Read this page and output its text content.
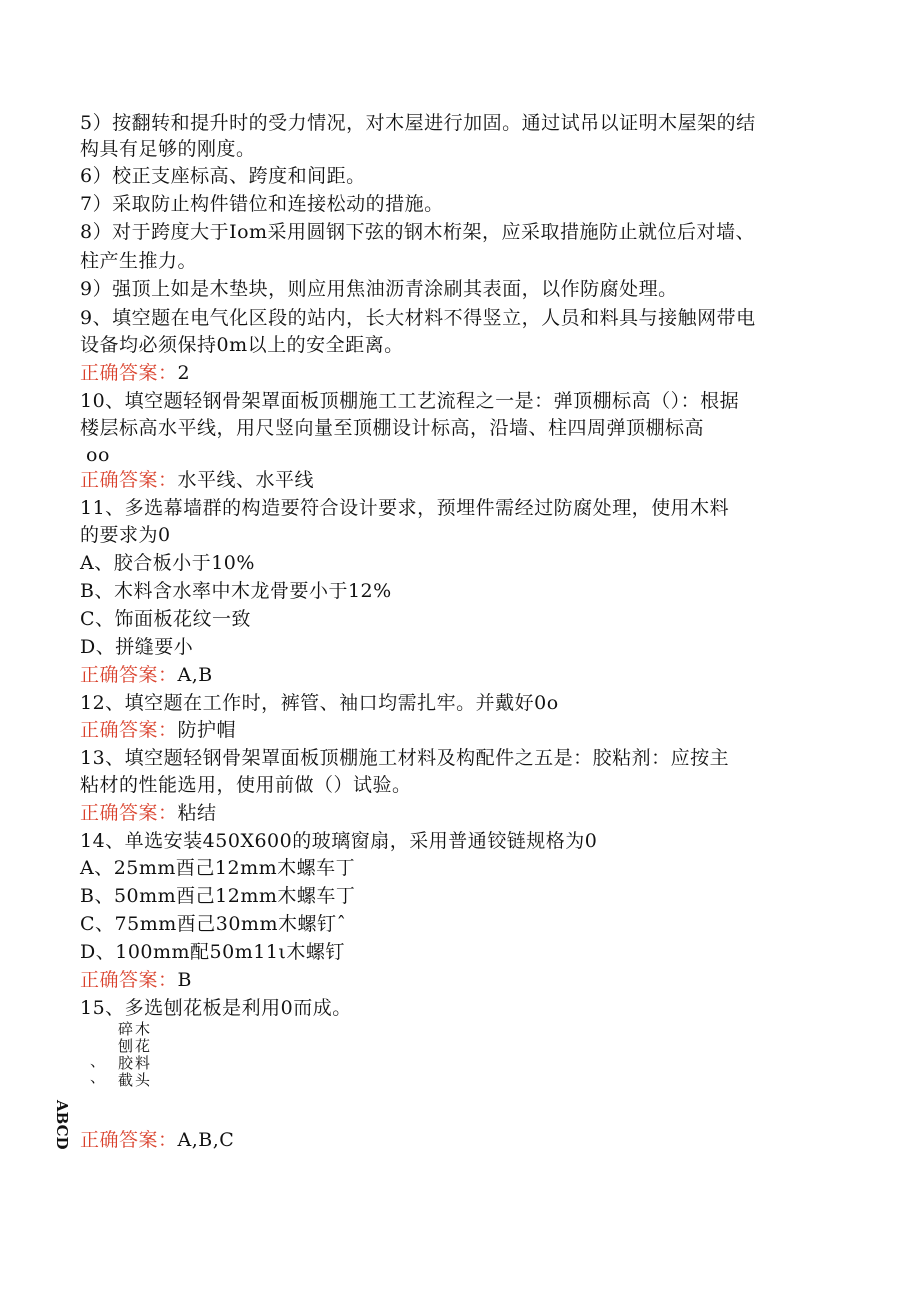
5）按翻转和提升时的受力情况，对木屋进行加固。通过试吊以证明木屋架的结
构具有足够的刚度。
6）校正支座标高、跨度和间距。
7）采取防止构件错位和连接松动的措施。
8）对于跨度大于Iom采用圆钢下弦的钢木桁架，应采取措施防止就位后对墙、
柱产生推力。
9）强顶上如是木垫块，则应用焦油沥青涂刷其表面，以作防腐处理。
9、填空题在电气化区段的站内，长大材料不得竖立，人员和料具与接触网带电
设备均必须保持0m以上的安全距离。
正确答案：2
10、填空题轻钢骨架罩面板顶棚施工工艺流程之一是：弹顶棚标高（）：根据
楼层标高水平线，用尺竖向量至顶棚设计标高，沿墙、柱四周弹顶棚标高
oo
正确答案：水平线、水平线
11、多选幕墙群的构造要符合设计要求，预埋件需经过防腐处理，使用木料
的要求为0
A、胶合板小于10%
B、木料含水率中木龙骨要小于12%
C、饰面板花纹一致
D、拼缝要小
正确答案：A,B
12、填空题在工作时，裤管、袖口均需扎牢。并戴好0o
正确答案：防护帽
13、填空题轻钢骨架罩面板顶棚施工材料及构配件之五是：胶粘剂：应按主
粘材的性能选用，使用前做（）试验。
正确答案：粘结
14、单选安装450X600的玻璃窗扇，采用普通铰链规格为0
A、25mm酉己12mm木螺车丁
B、50mm酉己12mm木螺车丁
C、75mm酉己30mm木螺钉ˆ
D、100mm配50m11ι木螺钉
正确答案：B
15、多选刨花板是利用0而成。
碎木
刨花
胶料
截头
、
、
ABCD 正确答案：A,B,C
